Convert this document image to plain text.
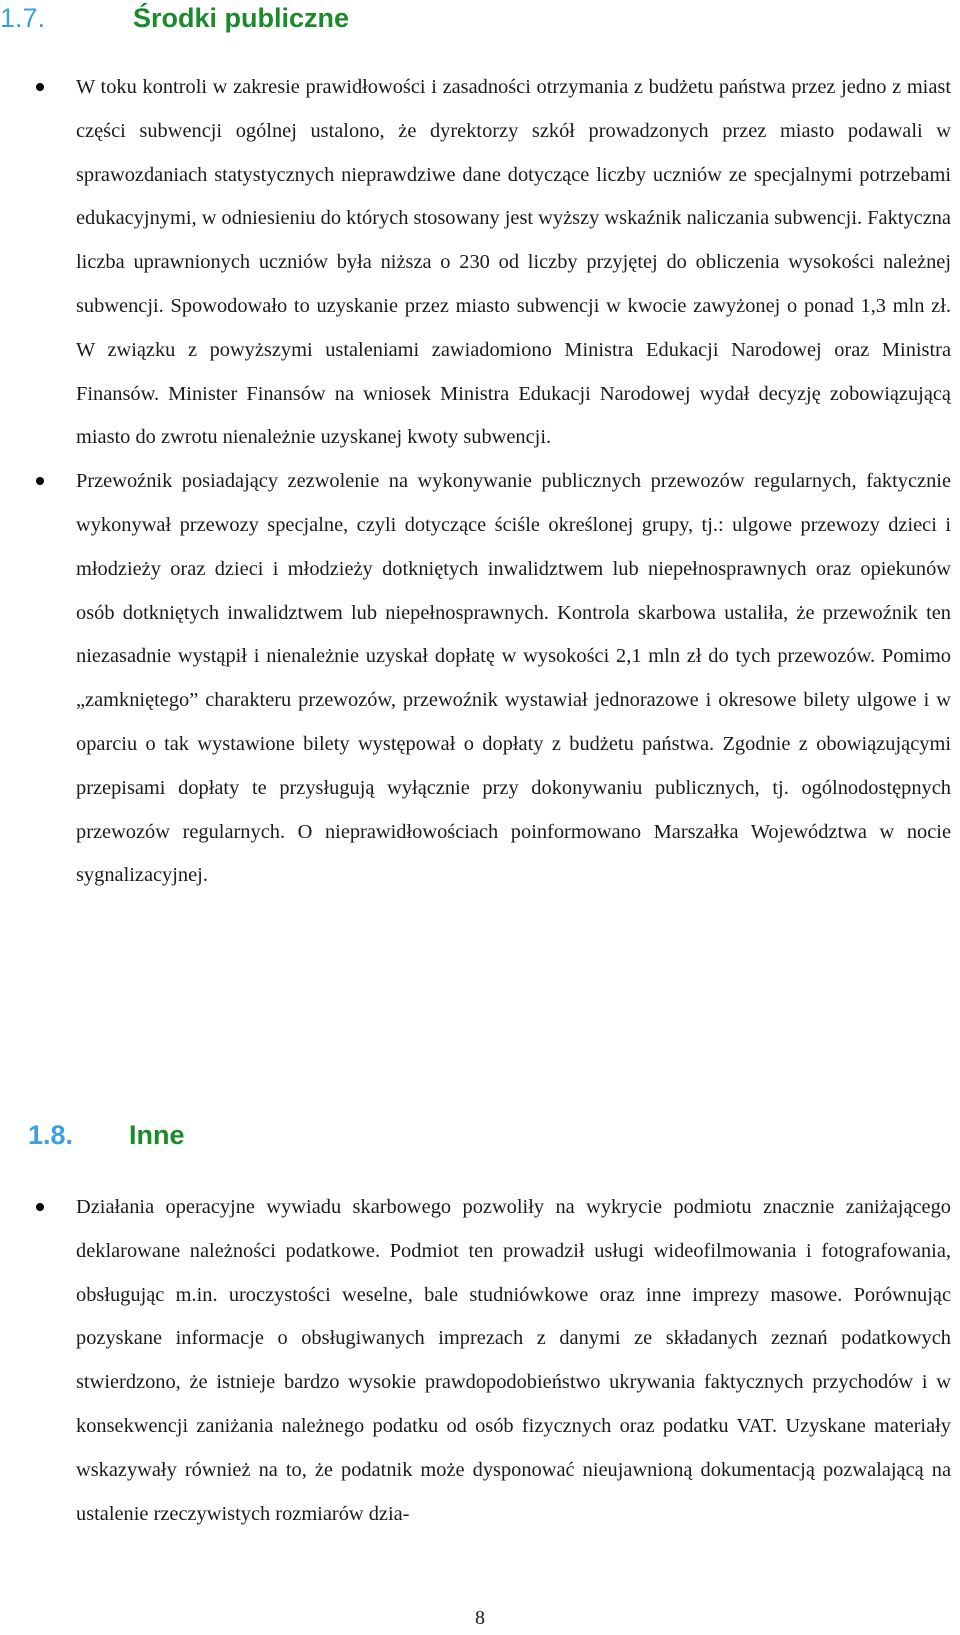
1.7.	Środki publiczne
W toku kontroli w zakresie prawidłowości i zasadności otrzymania z budżetu państwa przez jedno z miast części subwencji ogólnej ustalono, że dyrektorzy szkół prowadzonych przez miasto podawali w sprawozdaniach statystycznych nieprawdziwe dane dotyczące liczby uczniów ze specjalnymi potrzebami edukacyjnymi, w odniesieniu do których stosowany jest wyższy wskaźnik naliczania subwencji. Faktyczna liczba uprawnionych uczniów była niższa o 230 od liczby przyjętej do obliczenia wysokości należnej subwencji. Spowodowało to uzyskanie przez miasto subwencji w kwocie zawyżonej o ponad 1,3 mln zł. W związku z powyższymi ustaleniami zawiadomiono Ministra Edukacji Narodowej oraz Ministra Finansów. Minister Finansów na wniosek Ministra Edukacji Narodowej wydał decyzję zobowiązującą miasto do zwrotu nienależnie uzyskanej kwoty subwencji.
Przewoźnik posiadający zezwolenie na wykonywanie publicznych przewozów regularnych, faktycznie wykonywał przewozy specjalne, czyli dotyczące ściśle określonej grupy, tj.: ulgowe przewozy dzieci i młodzieży oraz dzieci i młodzieży dotkniętych inwalidztwem lub niepełnosprawnych oraz opiekunów osób dotkniętych inwalidztwem lub niepełnosprawnych. Kontrola skarbowa ustaliła, że przewoźnik ten niezasadnie wystąpił i nienależnie uzyskał dopłatę w wysokości 2,1 mln zł do tych przewozów. Pomimo „zamkniętego” charakteru przewozów, przewoźnik wystawiał jednorazowe i okresowe bilety ulgowe i w oparciu o tak wystawione bilety występował o dopłaty z budżetu państwa. Zgodnie z obowiązującymi przepisami dopłaty te przysługują wyłącznie przy dokonywaniu publicznych, tj. ogólnodostępnych przewozów regularnych. O nieprawidłowościach poinformowano Marszałka Województwa w nocie sygnalizacyjnej.
1.8. Inne
Działania operacyjne wywiadu skarbowego pozwoliły na wykrycie podmiotu znacznie zaniżającego deklarowane należności podatkowe. Podmiot ten prowadził usługi wideofilmowania i fotografowania, obsługując m.in. uroczystości weselne, bale studniówkowe oraz inne imprezy masowe. Porównując pozyskane informacje o obsługiwanych imprezach z danymi ze składanych zeznań podatkowych stwierdzono, że istnieje bardzo wysokie prawdopodobieństwo ukrywania faktycznych przychodów i w konsekwencji zaniżania należnego podatku od osób fizycznych oraz podatku VAT. Uzyskane materiały wskazywały również na to, że podatnik może dysponować nieujawnioną dokumentacją pozwalającą na ustalenie rzeczywistych rozmiarów dzia-
8
